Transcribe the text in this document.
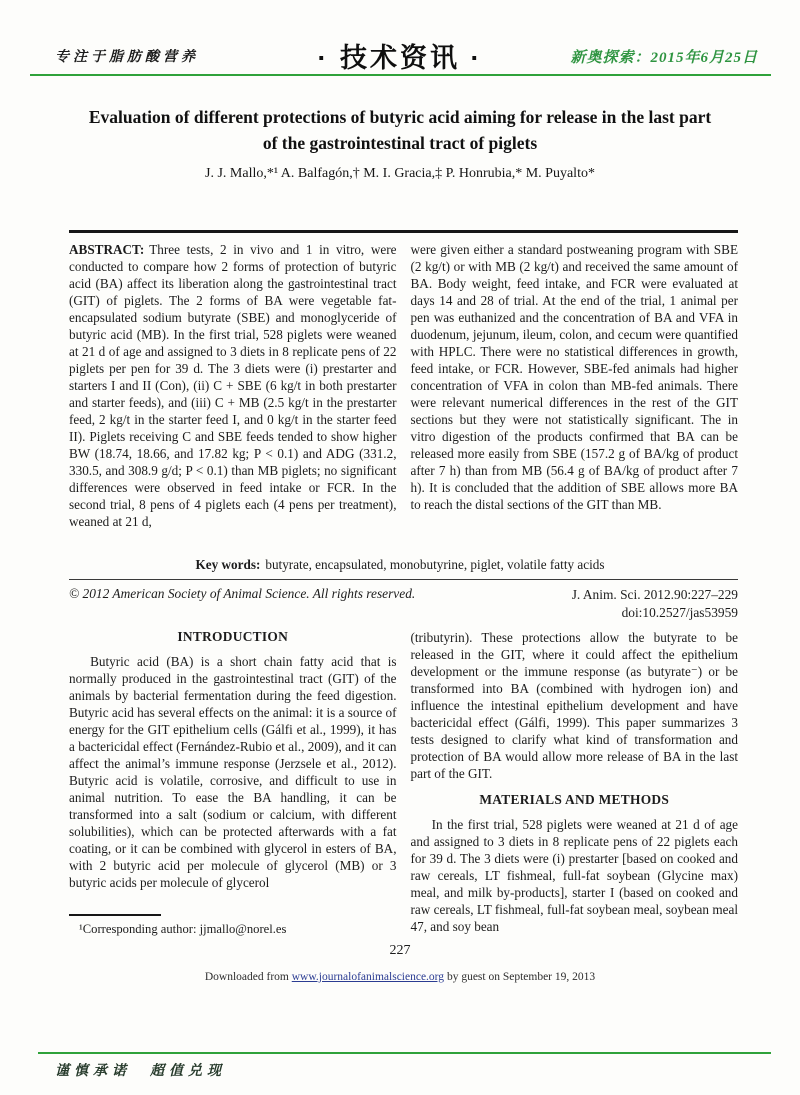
专注于脂肪酸营养	· 技术资讯 ·	新奥探索：2015年6月25日
Evaluation of different protections of butyric acid aiming for release in the last part
of the gastrointestinal tract of piglets
J. J. Mallo,*¹ A. Balfagón,† M. I. Gracia,‡ P. Honrubia,* M. Puyalto*

ABSTRACT: Three tests, 2 in vivo and 1 in vitro, were conducted to compare how 2 forms of protection of butyric acid (BA) affect its liberation along the gastrointestinal tract (GIT) of piglets. The 2 forms of BA were vegetable fat-encapsulated sodium butyrate (SBE) and monoglyceride of butyric acid (MB). In the first trial, 528 piglets were weaned at 21 d of age and assigned to 3 diets in 8 replicate pens of 22 piglets per pen for 39 d. The 3 diets were (i) prestarter and starters I and II (Con), (ii) C + SBE (6 kg/t in both prestarter and starter feeds), and (iii) C + MB (2.5 kg/t in the prestarter feed, 2 kg/t in the starter feed I, and 0 kg/t in the starter feed II). Piglets receiving C and SBE feeds tended to show higher BW (18.74, 18.66, and 17.82 kg; P < 0.1) and ADG (331.2, 330.5, and 308.9 g/d; P < 0.1) than MB piglets; no significant differences were observed in feed intake or FCR. In the second trial, 8 pens of 4 piglets each (4 pens per treatment), weaned at 21 d,

were given either a standard postweaning program with SBE (2 kg/t) or with MB (2 kg/t) and received the same amount of BA. Body weight, feed intake, and FCR were evaluated at days 14 and 28 of trial. At the end of the trial, 1 animal per pen was euthanized and the concentration of BA and VFA in duodenum, jejunum, ileum, colon, and cecum were quantified with HPLC. There were no statistical differences in growth, feed intake, or FCR. However, SBE-fed animals had higher concentration of VFA in colon than MB-fed animals. There were relevant numerical differences in the rest of the GIT sections but they were not statistically significant. The in vitro digestion of the products confirmed that BA can be released more easily from SBE (157.2 g of BA/kg of product after 7 h) than from MB (56.4 g of BA/kg of product after 7 h). It is concluded that the addition of SBE allows more BA to reach the distal sections of the GIT than MB.

Key words: butyrate, encapsulated, monobutyrine, piglet, volatile fatty acids
© 2012 American Society of Animal Science. All rights reserved.	J. Anim. Sci. 2012.90:227–229
doi:10.2527/jas53959
INTRODUCTION

Butyric acid (BA) is a short chain fatty acid that is normally produced in the gastrointestinal tract (GIT) of the animals by bacterial fermentation during the feed digestion. Butyric acid has several effects on the animal: it is a source of energy for the GIT epithelium cells (Gálfi et al., 1999), it has a bactericidal effect (Fernández-Rubio et al., 2009), and it can affect the animal’s immune response (Jerzsele et al., 2012). Butyric acid is volatile, corrosive, and difficult to use in animal nutrition. To ease the BA handling, it can be transformed into a salt (sodium or calcium, with different solubilities), which can be protected afterwards with a fat coating, or it can be combined with glycerol in esters of BA, with 2 butyric acid per molecule of glycerol (MB) or 3 butyric acids per molecule of glycerol

¹Corresponding author: jjmallo@norel.es

(tributyrin). These protections allow the butyrate to be released in the GIT, where it could affect the epithelium development or the immune response (as butyrate⁻) or be transformed into BA (combined with hydrogen ion) and influence the intestinal epithelium development and have bactericidal effect (Gálfi, 1999). This paper summarizes 3 tests designed to clarify what kind of transformation and protection of BA would allow more release of BA in the last part of the GIT.

MATERIALS AND METHODS

In the first trial, 528 piglets were weaned at 21 d of age and assigned to 3 diets in 8 replicate pens of 22 piglets each for 39 d. The 3 diets were (i) prestarter [based on cooked and raw cereals, LT fishmeal, full-fat soybean (Glycine max) meal, and milk by-products], starter I (based on cooked and raw cereals, LT fishmeal, full-fat soybean meal, soybean meal 47, and soy bean

227
Downloaded from www.journalofanimalscience.org by guest on September 19, 2013
谨慎承诺　超值兑现
